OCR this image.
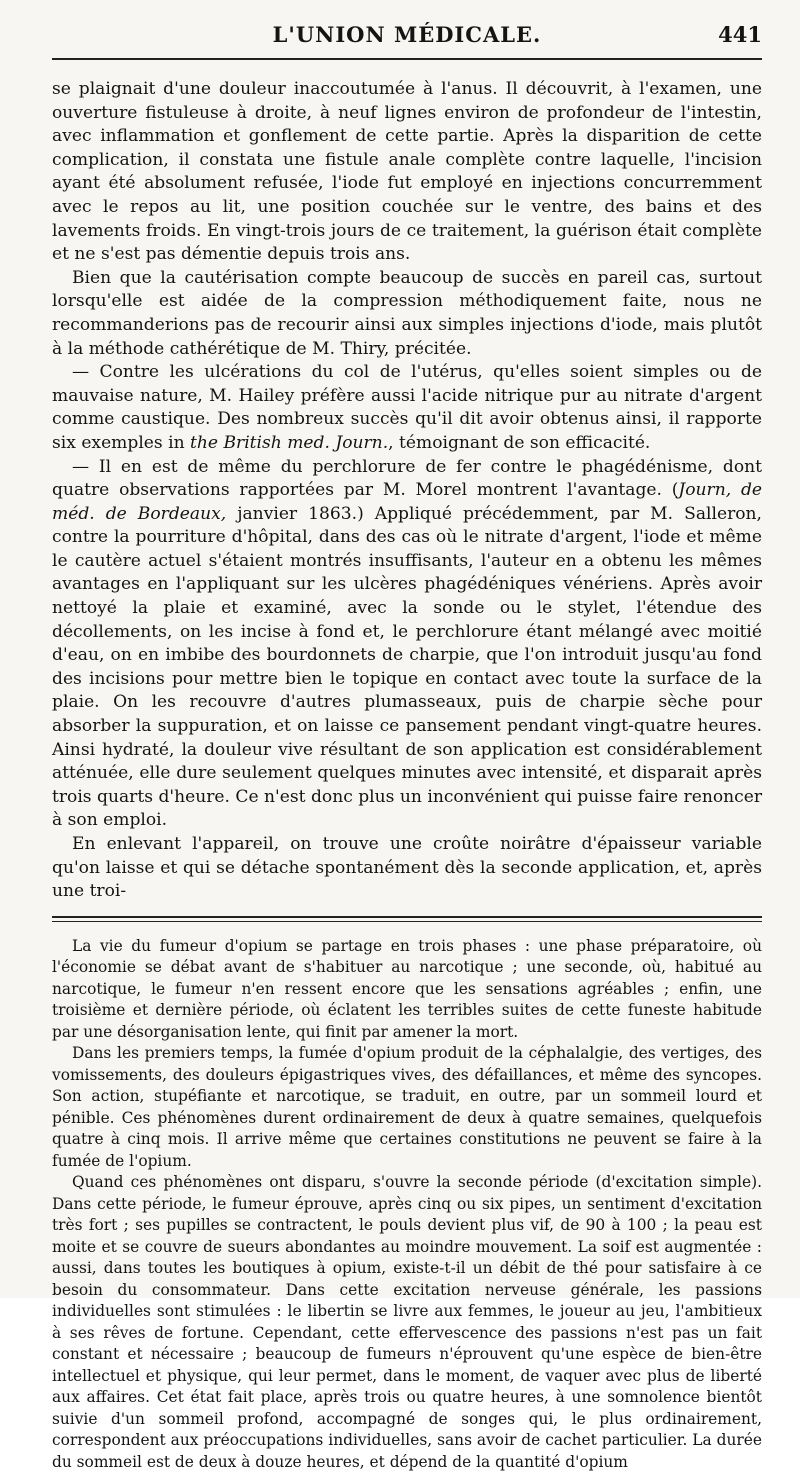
L'UNION MÉDICALE.	441

se plaignait d'une douleur inaccoutumée à l'anus. Il découvrit, à l'examen, une ouverture fistuleuse à droite, à neuf lignes environ de profondeur de l'intestin, avec inflammation et gonflement de cette partie. Après la disparition de cette complication, il constata une fistule anale complète contre laquelle, l'incision ayant été absolument refusée, l'iode fut employé en injections concurremment avec le repos au lit, une position couchée sur le ventre, des bains et des lavements froids. En vingt-trois jours de ce traitement, la guérison était complète et ne s'est pas démentie depuis trois ans.

Bien que la cautérisation compte beaucoup de succès en pareil cas, surtout lorsqu'elle est aidée de la compression méthodiquement faite, nous ne recommanderions pas de recourir ainsi aux simples injections d'iode, mais plutôt à la méthode cathérétique de M. Thiry, précitée.

— Contre les ulcérations du col de l'utérus, qu'elles soient simples ou de mauvaise nature, M. Hailey préfère aussi l'acide nitrique pur au nitrate d'argent comme caustique. Des nombreux succès qu'il dit avoir obtenus ainsi, il rapporte six exemples in the British med. Journ., témoignant de son efficacité.

— Il en est de même du perchlorure de fer contre le phagédénisme, dont quatre observations rapportées par M. Morel montrent l'avantage. (Journ, de méd. de Bordeaux, janvier 1863.) Appliqué précédemment, par M. Salleron, contre la pourriture d'hôpital, dans des cas où le nitrate d'argent, l'iode et même le cautère actuel s'étaient montrés insuffisants, l'auteur en a obtenu les mêmes avantages en l'appliquant sur les ulcères phagédéniques vénériens. Après avoir nettoyé la plaie et examiné, avec la sonde ou le stylet, l'étendue des décollements, on les incise à fond et, le perchlorure étant mélangé avec moitié d'eau, on en imbibe des bourdonnets de charpie, que l'on introduit jusqu'au fond des incisions pour mettre bien le topique en contact avec toute la surface de la plaie. On les recouvre d'autres plumasseaux, puis de charpie sèche pour absorber la suppuration, et on laisse ce pansement pendant vingt-quatre heures. Ainsi hydraté, la douleur vive résultant de son application est considérablement atténuée, elle dure seulement quelques minutes avec intensité, et disparait après trois quarts d'heure. Ce n'est donc plus un inconvénient qui puisse faire renoncer à son emploi.

En enlevant l'appareil, on trouve une croûte noirâtre d'épaisseur variable qu'on laisse et qui se détache spontanément dès la seconde application, et, après une troi-

La vie du fumeur d'opium se partage en trois phases : une phase préparatoire, où l'économie se débat avant de s'habituer au narcotique ; une seconde, où, habitué au narcotique, le fumeur n'en ressent encore que les sensations agréables ; enfin, une troisième et dernière période, où éclatent les terribles suites de cette funeste habitude par une désorganisation lente, qui finit par amener la mort.

Dans les premiers temps, la fumée d'opium produit de la céphalalgie, des vertiges, des vomissements, des douleurs épigastriques vives, des défaillances, et même des syncopes. Son action, stupéfiante et narcotique, se traduit, en outre, par un sommeil lourd et pénible. Ces phénomènes durent ordinairement de deux à quatre semaines, quelquefois quatre à cinq mois. Il arrive même que certaines constitutions ne peuvent se faire à la fumée de l'opium.

Quand ces phénomènes ont disparu, s'ouvre la seconde période (d'excitation simple). Dans cette période, le fumeur éprouve, après cinq ou six pipes, un sentiment d'excitation très fort ; ses pupilles se contractent, le pouls devient plus vif, de 90 à 100 ; la peau est moite et se couvre de sueurs abondantes au moindre mouvement. La soif est augmentée : aussi, dans toutes les boutiques à opium, existe-t-il un débit de thé pour satisfaire à ce besoin du consommateur. Dans cette excitation nerveuse générale, les passions individuelles sont stimulées : le libertin se livre aux femmes, le joueur au jeu, l'ambitieux à ses rêves de fortune. Cependant, cette effervescence des passions n'est pas un fait constant et nécessaire ; beaucoup de fumeurs n'éprouvent qu'une espèce de bien-être intellectuel et physique, qui leur permet, dans le moment, de vaquer avec plus de liberté aux affaires. Cet état fait place, après trois ou quatre heures, à une somnolence bientôt suivie d'un sommeil profond, accompagné de songes qui, le plus ordinairement, correspondent aux préoccupations individuelles, sans avoir de cachet particulier. La durée du sommeil est de deux à douze heures, et dépend de la quantité d'opium
